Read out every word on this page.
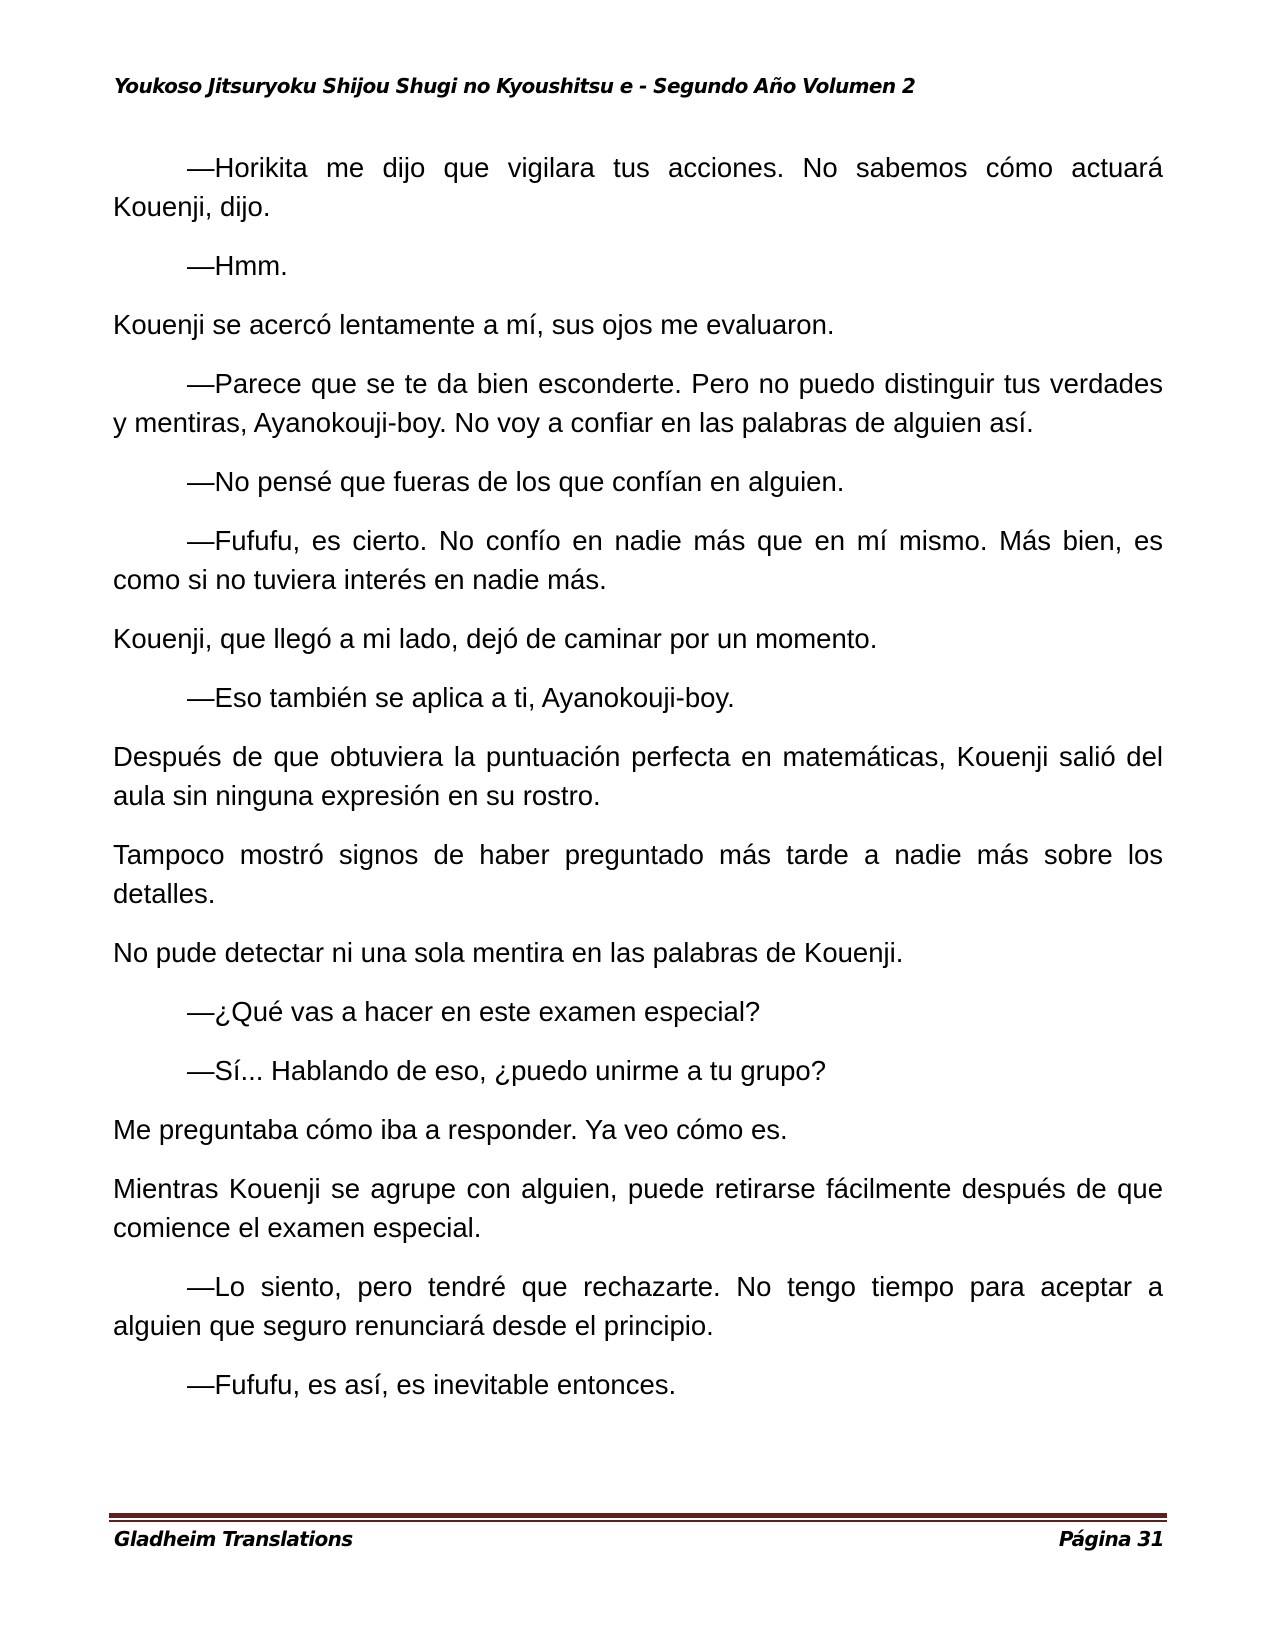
Youkoso Jitsuryoku Shijou Shugi no Kyoushitsu e - Segundo Año Volumen 2

—Horikita me dijo que vigilara tus acciones. No sabemos cómo actuará Kouenji, dijo.

—Hmm.

Kouenji se acercó lentamente a mí, sus ojos me evaluaron.

—Parece que se te da bien esconderte. Pero no puedo distinguir tus verdades y mentiras, Ayanokouji-boy. No voy a confiar en las palabras de alguien así.

—No pensé que fueras de los que confían en alguien.

—Fufufu, es cierto. No confío en nadie más que en mí mismo. Más bien, es como si no tuviera interés en nadie más.

Kouenji, que llegó a mi lado, dejó de caminar por un momento.

—Eso también se aplica a ti, Ayanokouji-boy.

Después de que obtuviera la puntuación perfecta en matemáticas, Kouenji salió del aula sin ninguna expresión en su rostro.

Tampoco mostró signos de haber preguntado más tarde a nadie más sobre los detalles.

No pude detectar ni una sola mentira en las palabras de Kouenji.

—¿Qué vas a hacer en este examen especial?

—Sí... Hablando de eso, ¿puedo unirme a tu grupo?

Me preguntaba cómo iba a responder. Ya veo cómo es.

Mientras Kouenji se agrupe con alguien, puede retirarse fácilmente después de que comience el examen especial.

—Lo siento, pero tendré que rechazarte. No tengo tiempo para aceptar a alguien que seguro renunciará desde el principio.

—Fufufu, es así, es inevitable entonces.

Gladheim Translations	Página 31
